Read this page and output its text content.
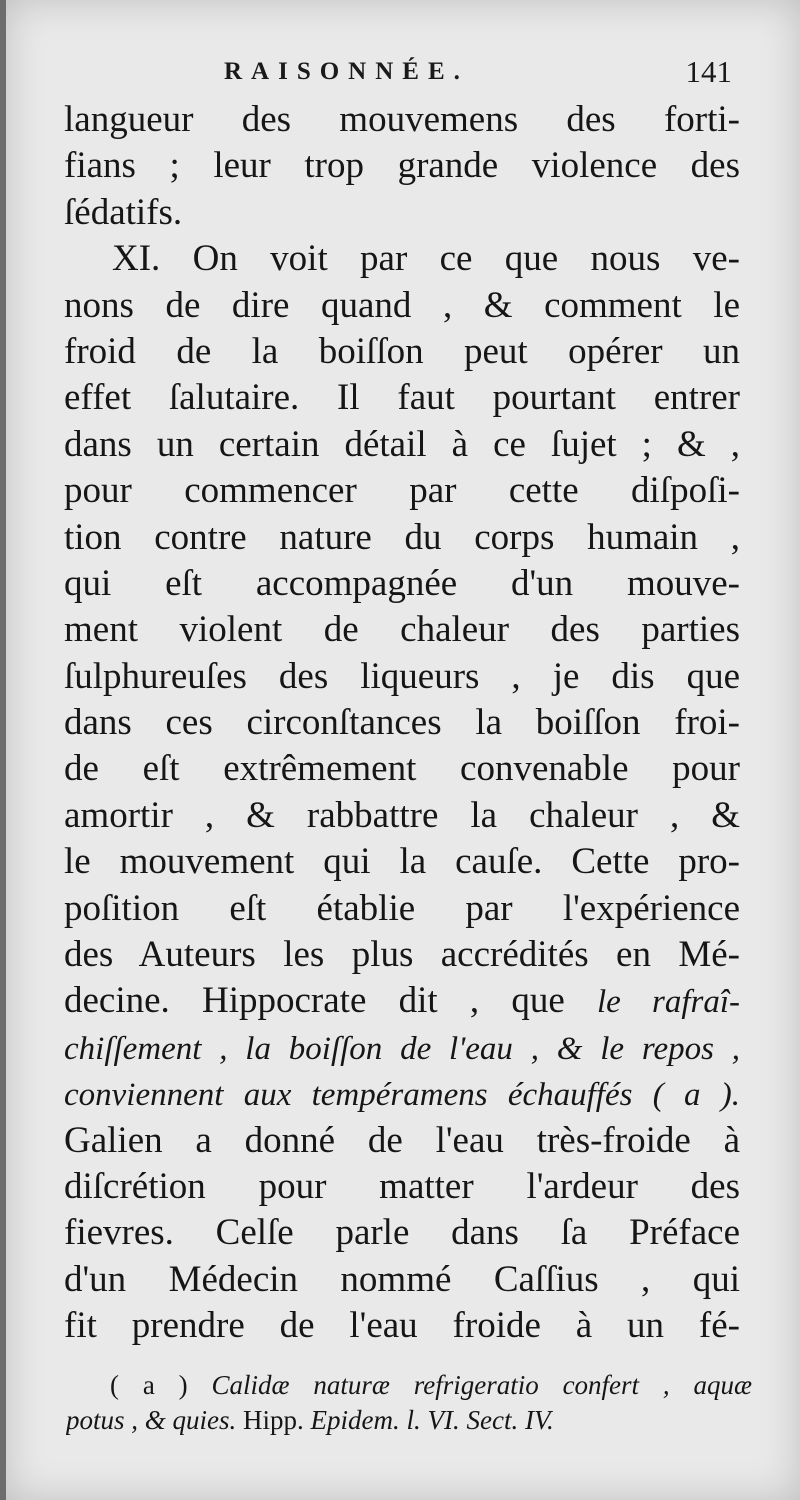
RAISONNÉE.	141
langueur des mouvemens des forti-
fians ; leur trop grande violence des
ſédatifs.
XI. On voit par ce que nous ve-
nons de dire quand , & comment le
froid de la boiſſon peut opérer un
effet ſalutaire. Il faut pourtant entrer
dans un certain détail à ce ſujet ; & ,
pour commencer par cette diſpoſi-
tion contre nature du corps humain ,
qui eſt accompagnée d'un mouve-
ment violent de chaleur des parties
ſulphureuſes des liqueurs , je dis que
dans ces circonſtances la boiſſon froi-
de eſt extrêmement convenable pour
amortir , & rabbattre la chaleur , &
le mouvement qui la cauſe. Cette pro-
poſition eſt établie par l'expérience
des Auteurs les plus accrédités en Mé-
decine. Hippocrate dit , que le rafraî-
chiſſement , la boiſſon de l'eau , & le repos ,
conviennent aux tempéramens échauffés ( a ).
Galien a donné de l'eau très-froide à
diſcrétion pour matter l'ardeur des
fievres. Celſe parle dans ſa Préface
d'un Médecin nommé Caſſius , qui
fit prendre de l'eau froide à un fé-
( a ) Calidæ naturæ refrigeratio confert , aquæ
potus , & quies. Hipp. Epidem. l. VI. Sect. IV.
